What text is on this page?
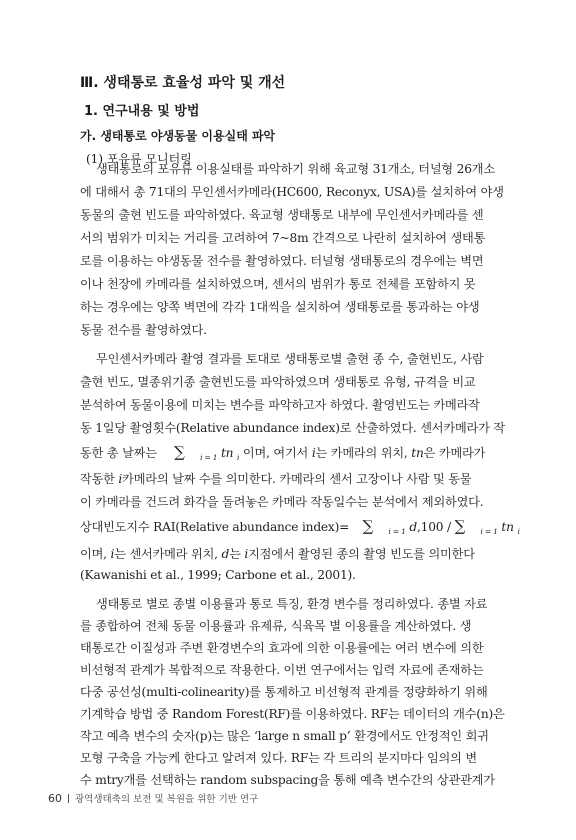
Ⅲ. 생태통로 효율성 파악 및 개선
1. 연구내용 및 방법
가. 생태통로 야생동물 이용실태 파악
(1) 포유류 모니터링
생태통로의 포유류 이용실태를 파악하기 위해 육교형 31개소, 터널형 26개소
에 대해서 총 71대의 무인센서카메라(HC600, Reconyx, USA)를 설치하여 야생
동물의 출현 빈도를 파악하였다. 육교형 생태통로 내부에 무인센서카메라를 센
서의 범위가 미치는 거리를 고려하여 7~8m 간격으로 나란히 설치하여 생태통
로를 이용하는 야생동물 전수를 촬영하였다. 터널형 생태통로의 경우에는 벽면
이나 천장에 카메라를 설치하였으며, 센서의 범위가 통로 전체를 포함하지 못
하는 경우에는 양쪽 벽면에 각각 1대씩을 설치하여 생태통로를 통과하는 야생
동물 전수를 촬영하였다.
무인센서카메라 촬영 결과를 토대로 생태통로별 출현 종 수, 출현빈도, 사람
출현 빈도, 멸종위기종 출현빈도를 파악하였으며 생태통로 유형, 규격을 비교
분석하여 동물이용에 미치는 변수를 파악하고자 하였다. 촬영빈도는 카메라작
동 1일당 촬영횟수(Relative abundance index)로 산출하였다. 센서카메라가 작
동한 총 날짜는 ∑ $_{i = 1}$ tn $_i$ 이며, 여기서 i는 카메라의 위치, tn은 카메라가
작동한 i카메라의 날짜 수를 의미한다. 카메라의 센서 고장이나 사람 및 동물
이 카메라를 건드려 화각을 돌려놓은 카메라 작동일수는 분석에서 제외하였다.
상대빈도지수 RAI(Relative abundance index)= ∑ $_{i = 1}$ d,100 / ∑ $_{i = 1}$ tn $_i$
이며, i는 센서카메라 위치, d는 i지점에서 촬영된 종의 촬영 빈도를 의미한다
(Kawanishi et al., 1999; Carbone et al., 2001).
생태통로 별로 종별 이용률과 통로 특징, 환경 변수를 정리하였다. 종별 자료
를 종합하여 전체 동물 이용률과 유제류, 식육목 별 이용률을 계산하였다. 생
태통로간 이질성과 주변 환경변수의 효과에 의한 이용률에는 여러 변수에 의한
비선형적 관계가 복합적으로 작용한다. 이번 연구에서는 입력 자료에 존재하는
다중 공선성(multi-colinearity)를 통제하고 비선형적 관계를 정량화하기 위해
기계학습 방법 중 Random Forest(RF)를 이용하였다. RF는 데이터의 개수(n)은
작고 예측 변수의 숫자(p)는 많은 ‘large n small p’ 환경에서도 안정적인 회귀
모형 구축을 가능케 한다고 알려져 있다. RF는 각 트리의 분지마다 임의의 변
수 mtry개를 선택하는 random subspacing을 통해 예측 변수간의 상관관계가
60 광역생태축의 보전 및 복원을 위한 기반 연구
